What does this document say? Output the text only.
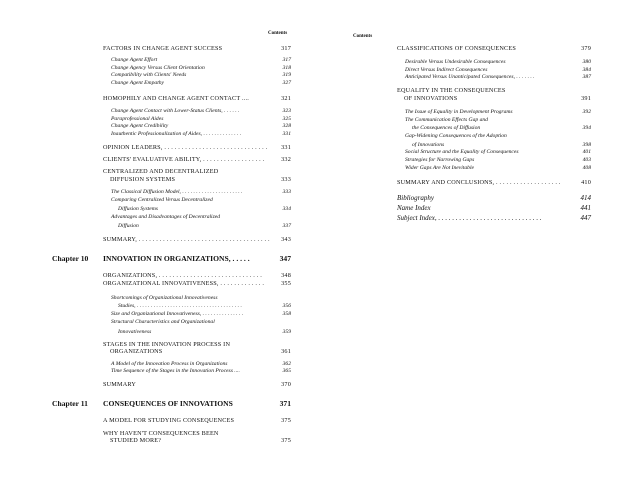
Contents
Contents
FACTORS IN CHANGE AGENT SUCCESS	317
Change Agent Effort	317
Change Agency Versus Client Orientation	318
Compatibility with Clients' Needs	319
Change Agent Empathy	327
HOMOPHILY AND CHANGE AGENT CONTACT ....	321
Change Agent Contact with Lower-Status Clients, . . . . . .	323
Paraprofessional Aides	325
Change Agent Credibility	328
Inauthentic Professionalization of Aides, . . . . . . . . . . . . . .	331
OPINION LEADERS, . . . . . . . . . . . . . . . . . . . . . . . . . . . . . . 331
CLIENTS' EVALUATIVE ABILITY, . . . . . . . . . . . . . . . . . .	332
CENTRALIZED AND DECENTRALIZED
DIFFUSION SYSTEMS	333
The Classical Diffusion Model, . . . . . . . . . . . . . . . . . . . . . .	333
Comparing Centralized Versus Decentralized
Diffusion Systems	334
Advantages and Disadvantages of Decentralized
Diffusion	337
SUMMARY, . . . . . . . . . . . . . . . . . . . . . . . . . . . . . . . . . . . . . . 343
Chapter 10 INNOVATION IN ORGANIZATIONS, . . . . .	347
ORGANIZATIONS, . . . . . . . . . . . . . . . . . . . . . . . . . . . . . .	348
ORGANIZATIONAL INNOVATIVENESS, . . . . . . . . . . . . .	355
Shortcomings of Organizational Innovativeness
Studies, . . . . . . . . . . . . . . . . . . . . . . . . . . . . . . . . . . . . . .	356
Size and Organizational Innovativeness, . . . . . . . . . . . . . . .	358
Structural Characteristics and Organizational
Innovativeness	359
STAGES IN THE INNOVATION PROCESS IN
ORGANIZATIONS	361
A Model of the Innovation Process in Organizations	362
Time Sequence of the Stages in the Innovation Process ....	365
SUMMARY	370
Chapter 11 CONSEQUENCES OF INNOVATIONS	371
A MODEL FOR STUDYING CONSEQUENCES	375
WHY HAVEN'T CONSEQUENCES BEEN
STUDIED MORE?	375
CLASSIFICATIONS OF CONSEQUENCES	379
Desirable Versus Undesirable Consequences	380
Direct Versus Indirect Consequences	384
Anticipated Versus Unanticipated Consequences, . . . . . . .	387
EQUALITY IN THE CONSEQUENCES
OF INNOVATIONS	391
The Issue of Equality in Development Programs	392
The Communication Effects Gap and
the Consequences of Diffusion	394
Gap-Widening Consequences of the Adoption
of Innovations	398
Social Structure and the Equality of Consequences	401
Strategies for Narrowing Gaps	403
Wider Gaps Are Not Inevitable	408
SUMMARY AND CONCLUSIONS, . . . . . . . . . . . . . . . . . . .	410
Bibliography	414
Name Index	441
Subject Index, . . . . . . . . . . . . . . . . . . . . . . . . . . . . . .	447
